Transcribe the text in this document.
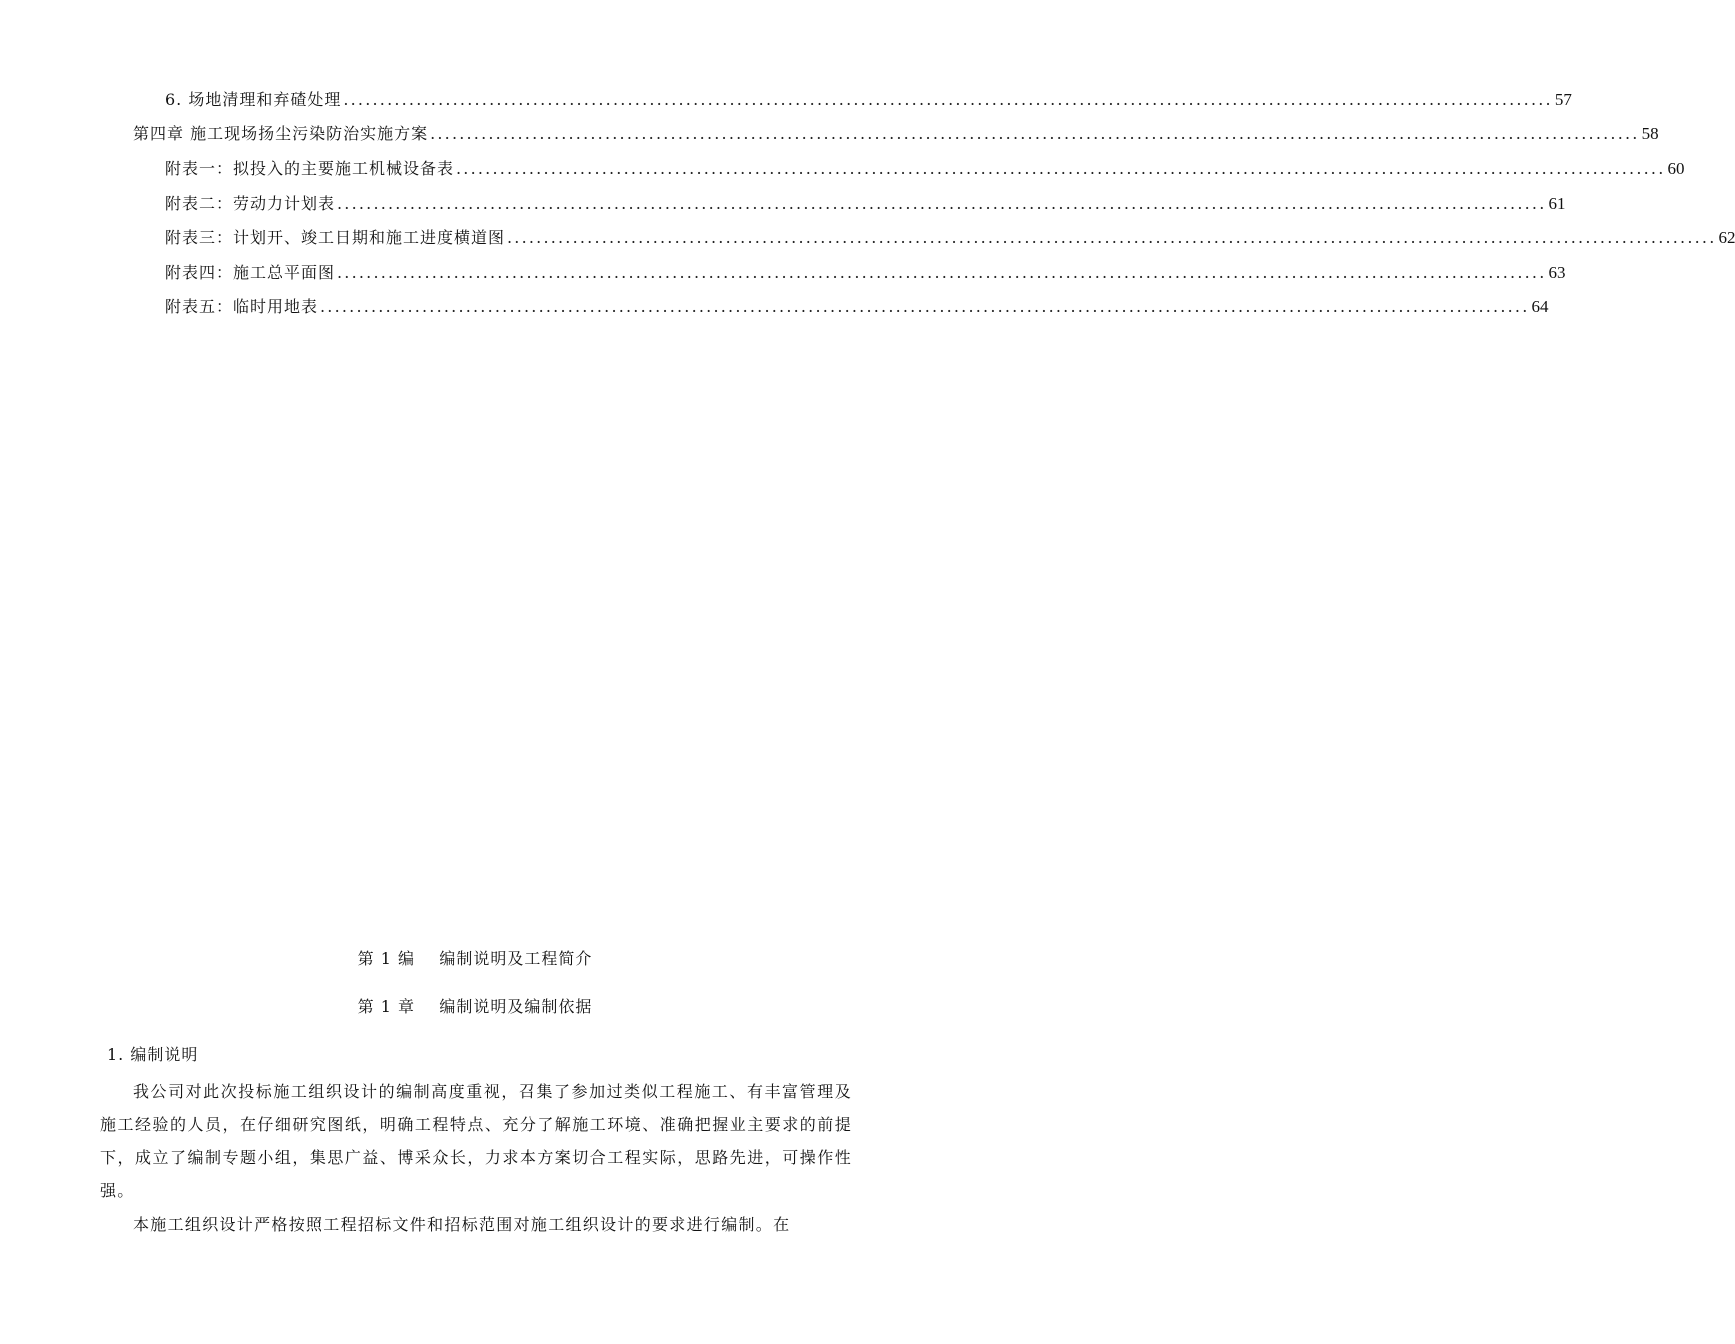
6. 场地清理和弃碴处理 ...................................................................................................................................................................... 57
第四章 施工现场扬尘污染防治实施方案 ...................................................................................................................................................................... 58
附表一：拟投入的主要施工机械设备表 ...................................................................................................................................................................... 60
附表二：劳动力计划表 ...................................................................................................................................................................... 61
附表三：计划开、竣工日期和施工进度横道图 ...................................................................................................................................................................... 62
附表四：施工总平面图 ...................................................................................................................................................................... 63
附表五：临时用地表 ...................................................................................................................................................................... 64
第 1 编    编制说明及工程简介
第 1 章    编制说明及编制依据
1. 编制说明

我公司对此次投标施工组织设计的编制高度重视，召集了参加过类似工程施工、有丰富管理及施工经验的人员，在仔细研究图纸，明确工程特点、充分了解施工环境、准确把握业主要求的前提下，成立了编制专题小组，集思广益、博采众长，力求本方案切合工程实际，思路先进，可操作性强。

本施工组织设计严格按照工程招标文件和招标范围对施工组织设计的要求进行编制。在
